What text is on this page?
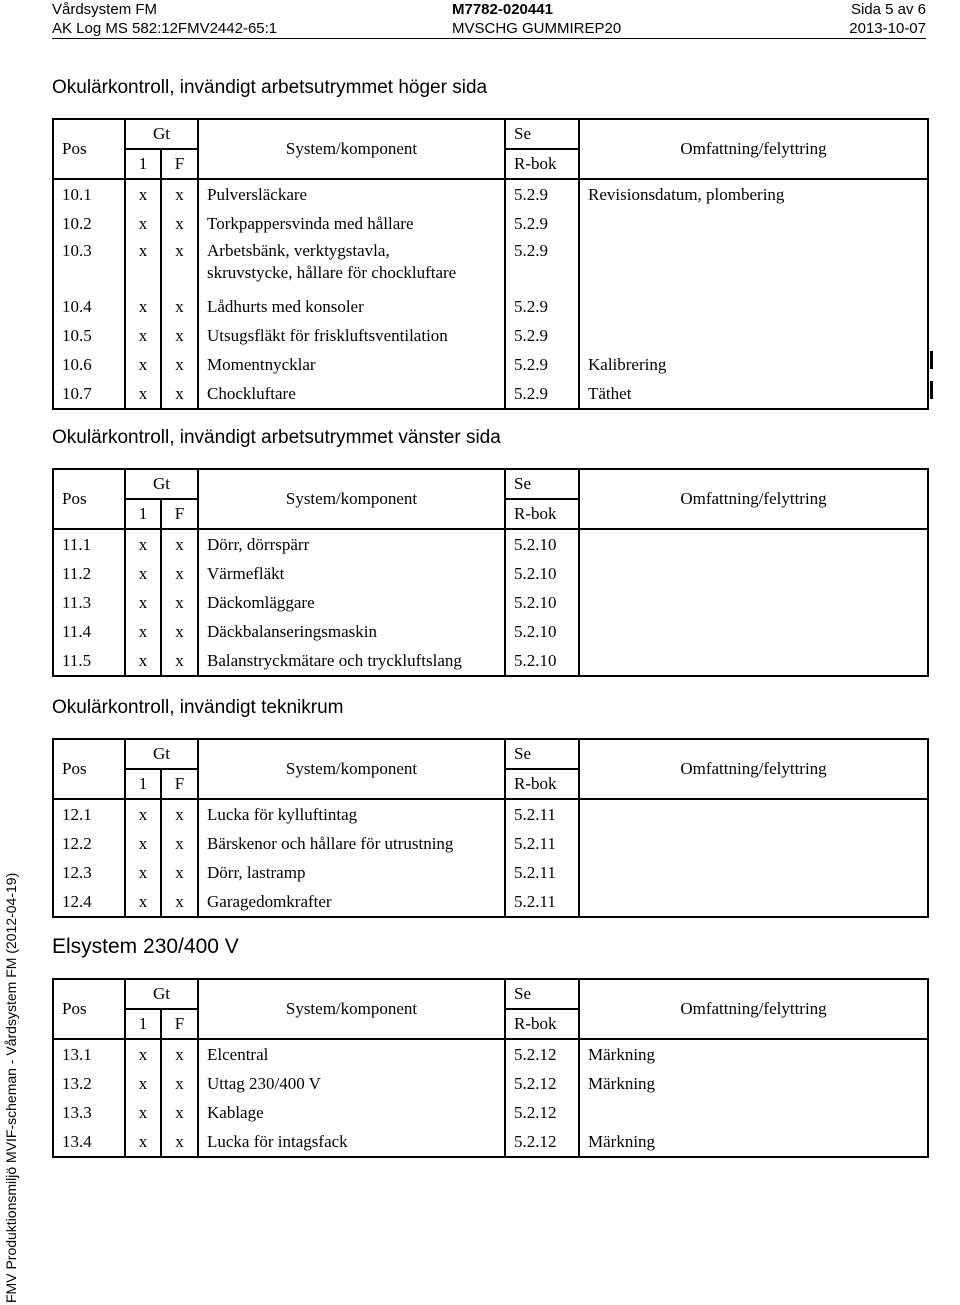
Vårdsystem FM	M7782-020441	Sida 5 av 6
AK Log MS 582:12FMV2442-65:1	MVSCHG GUMMIREP20	2013-10-07
Okulärkontroll, invändigt arbetsutrymmet höger sida
Pos	Gt		System/komponent	Se	Omfattning/felyttring
	1	F		R-bok	
10.1	x	x	Pulversläckare	5.2.9	Revisionsdatum, plombering
10.2	x	x	Torkpappersvinda med hållare	5.2.9	
10.3	x	x	Arbetsbänk, verktygstavla,
skruvstycke, hållare för chockluftare	5.2.9	
10.4	x	x	Lådhurts med konsoler	5.2.9	
10.5	x	x	Utsugsfläkt för friskluftsventilation	5.2.9	
10.6	x	x	Momentnycklar	5.2.9	Kalibrering
10.7	x	x	Chockluftare	5.2.9	Täthet
Okulärkontroll, invändigt arbetsutrymmet vänster sida
Pos	Gt		System/komponent	Se	Omfattning/felyttring
	1	F		R-bok	
11.1	x	x	Dörr, dörrspärr	5.2.10	
11.2	x	x	Värmefläkt	5.2.10	
11.3	x	x	Däckomläggare	5.2.10	
11.4	x	x	Däckbalanseringsmaskin	5.2.10	
11.5	x	x	Balanstryckmätare och tryckluftslang	5.2.10	
Okulärkontroll, invändigt teknikrum
Pos	Gt		System/komponent	Se	Omfattning/felyttring
	1	F		R-bok	
12.1	x	x	Lucka för kylluftintag	5.2.11	
12.2	x	x	Bärskenor och hållare för utrustning	5.2.11	
12.3	x	x	Dörr, lastramp	5.2.11	
12.4	x	x	Garagedomkrafter	5.2.11	
Elsystem 230/400 V
Pos	Gt		System/komponent	Se	Omfattning/felyttring
	1	F		R-bok	
13.1	x	x	Elcentral	5.2.12	Märkning
13.2	x	x	Uttag 230/400 V	5.2.12	Märkning
13.3	x	x	Kablage	5.2.12	
13.4	x	x	Lucka för intagsfack	5.2.12	Märkning
FMV Produktionsmiljö MVIF-scheman - Vårdsystem FM (2012-04-19)
